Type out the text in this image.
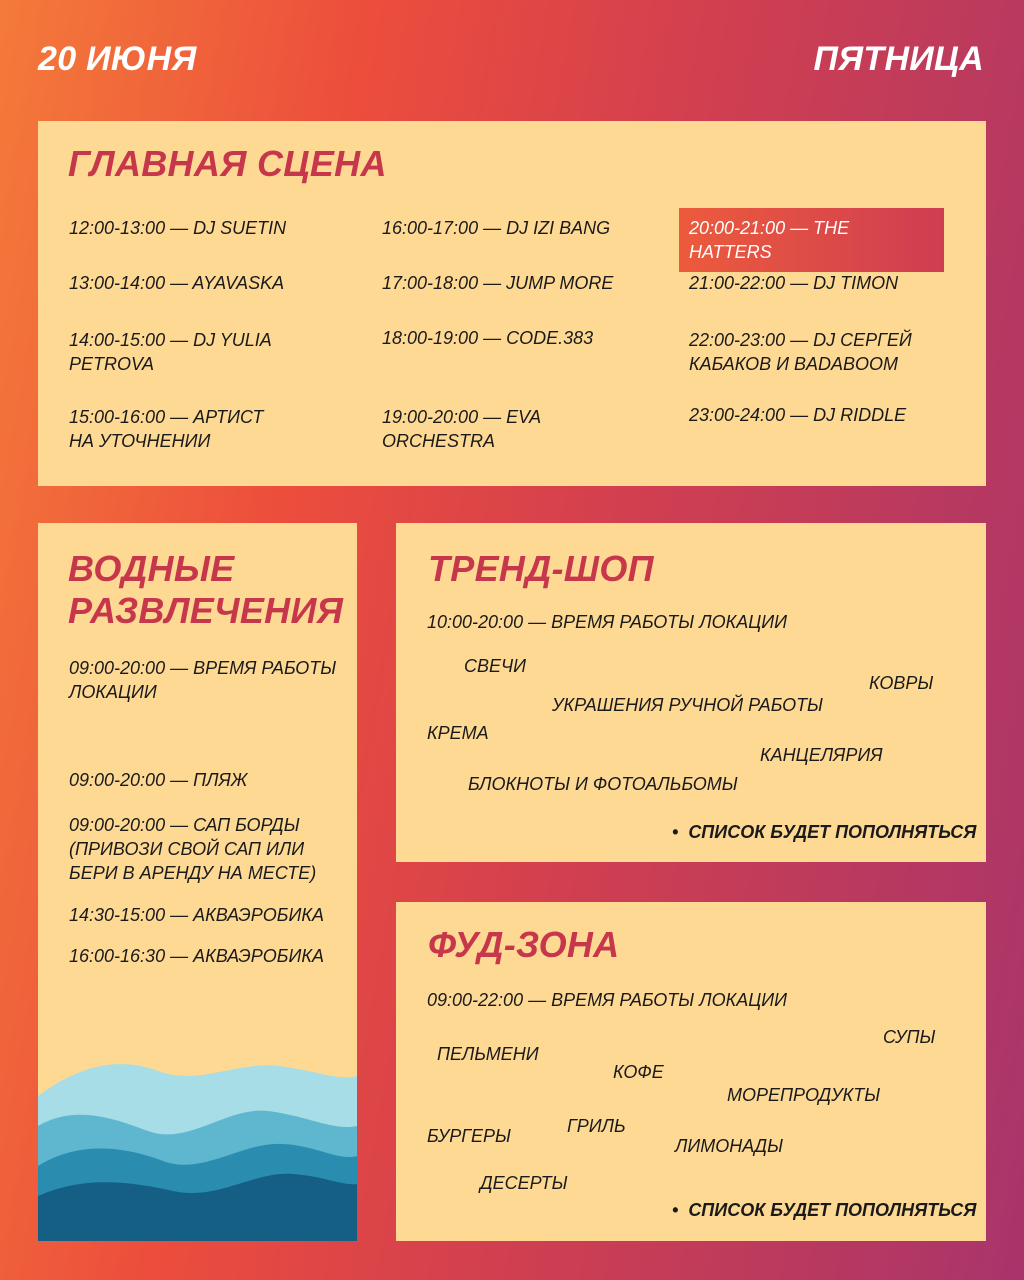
20 ИЮНЯ	ПЯТНИЦА
ГЛАВНАЯ СЦЕНА
12:00-13:00 — DJ SUETIN
13:00-14:00 — AYAVASKA
14:00-15:00 — DJ YULIA
PETROVA
15:00-16:00 — АРТИСТ
НА УТОЧНЕНИИ
16:00-17:00 — DJ IZI BANG
17:00-18:00 — JUMP MORE
18:00-19:00 — CODE.383
19:00-20:00 — EVA
ORCHESTRA
20:00-21:00 — THE HATTERS
21:00-22:00 — DJ TIMON
22:00-23:00 — DJ СЕРГЕЙ
КАБАКОВ И BADABOOM
23:00-24:00 — DJ RIDDLE
ВОДНЫЕ
РАЗВЛЕЧЕНИЯ
09:00-20:00 — ВРЕМЯ РАБОТЫ
ЛОКАЦИИ
09:00-20:00 — ПЛЯЖ
09:00-20:00 — САП БОРДЫ
(ПРИВОЗИ СВОЙ САП ИЛИ
БЕРИ В АРЕНДУ НА МЕСТЕ)
14:30-15:00 — АКВАЭРОБИКА
16:00-16:30 — АКВАЭРОБИКА
ТРЕНД-ШОП
10:00-20:00 — ВРЕМЯ РАБОТЫ ЛОКАЦИИ
СВЕЧИ
КОВРЫ
УКРАШЕНИЯ РУЧНОЙ РАБОТЫ
КРЕМА
КАНЦЕЛЯРИЯ
БЛОКНОТЫ И ФОТОАЛЬБОМЫ
• СПИСОК БУДЕТ ПОПОЛНЯТЬСЯ
ФУД-ЗОНА
09:00-22:00 — ВРЕМЯ РАБОТЫ ЛОКАЦИИ
СУПЫ
ПЕЛЬМЕНИ
КОФЕ
МОРЕПРОДУКТЫ
БУРГЕРЫ	ГРИЛЬ
ЛИМОНАДЫ
ДЕСЕРТЫ
• СПИСОК БУДЕТ ПОПОЛНЯТЬСЯ
